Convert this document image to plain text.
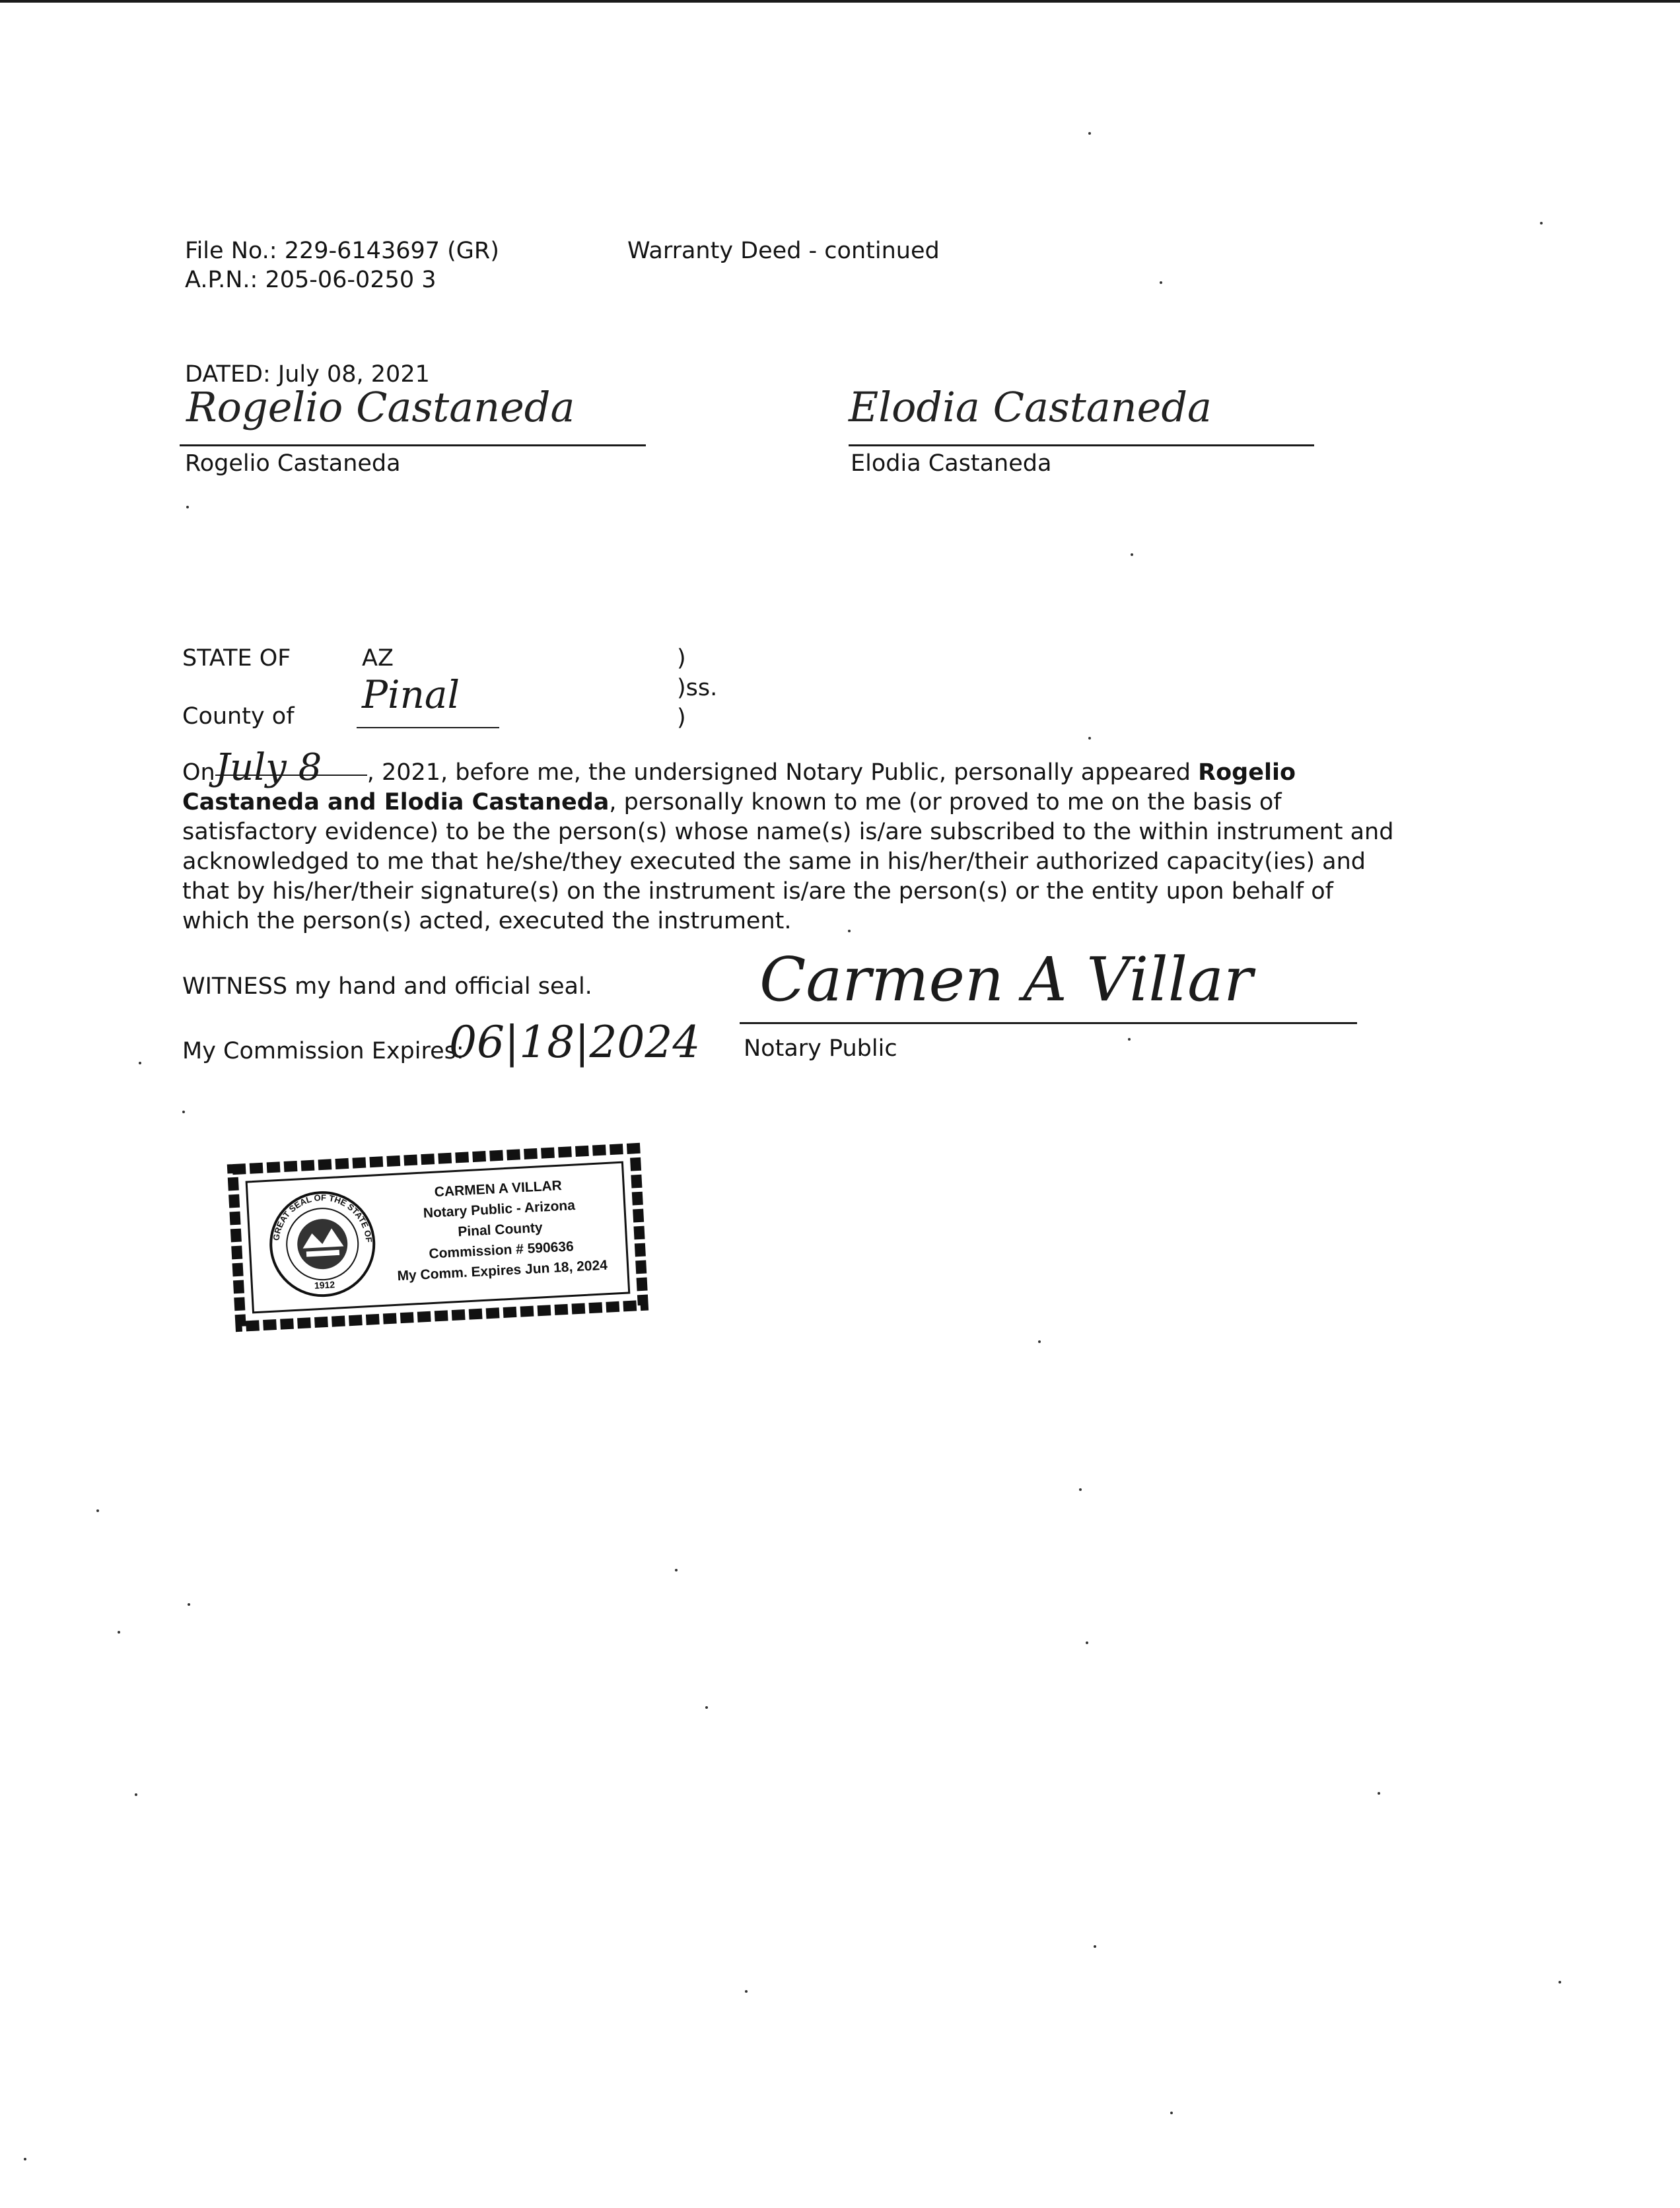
File No.: 229-6143697 (GR)
A.P.N.: 205-06-0250 3
Warranty Deed - continued
DATED: July 08, 2021
Rogelio Castaneda
Rogelio Castaneda
Elodia Castaneda
Elodia Castaneda
STATE OF	AZ
County of Pinal
)
)ss.
)
OnJuly 8 , 2021, before me, the undersigned Notary Public, personally appeared Rogelio
Castaneda and Elodia Castaneda, personally known to me (or proved to me on the basis of
satisfactory evidence) to be the person(s) whose name(s) is/are subscribed to the within instrument and
acknowledged to me that he/she/they executed the same in his/her/their authorized capacity(ies) and
that by his/her/their signature(s) on the instrument is/are the person(s) or the entity upon behalf of
which the person(s) acted, executed the instrument.
WITNESS my hand and official seal.
My Commission Expires:
06|18|2024
Carmen A Villar
Notary Public
GREAT SEAL OF THE STATE OF
1912
CARMEN A VILLAR
Notary Public - Arizona
Pinal County
Commission # 590636
My Comm. Expires Jun 18, 2024
